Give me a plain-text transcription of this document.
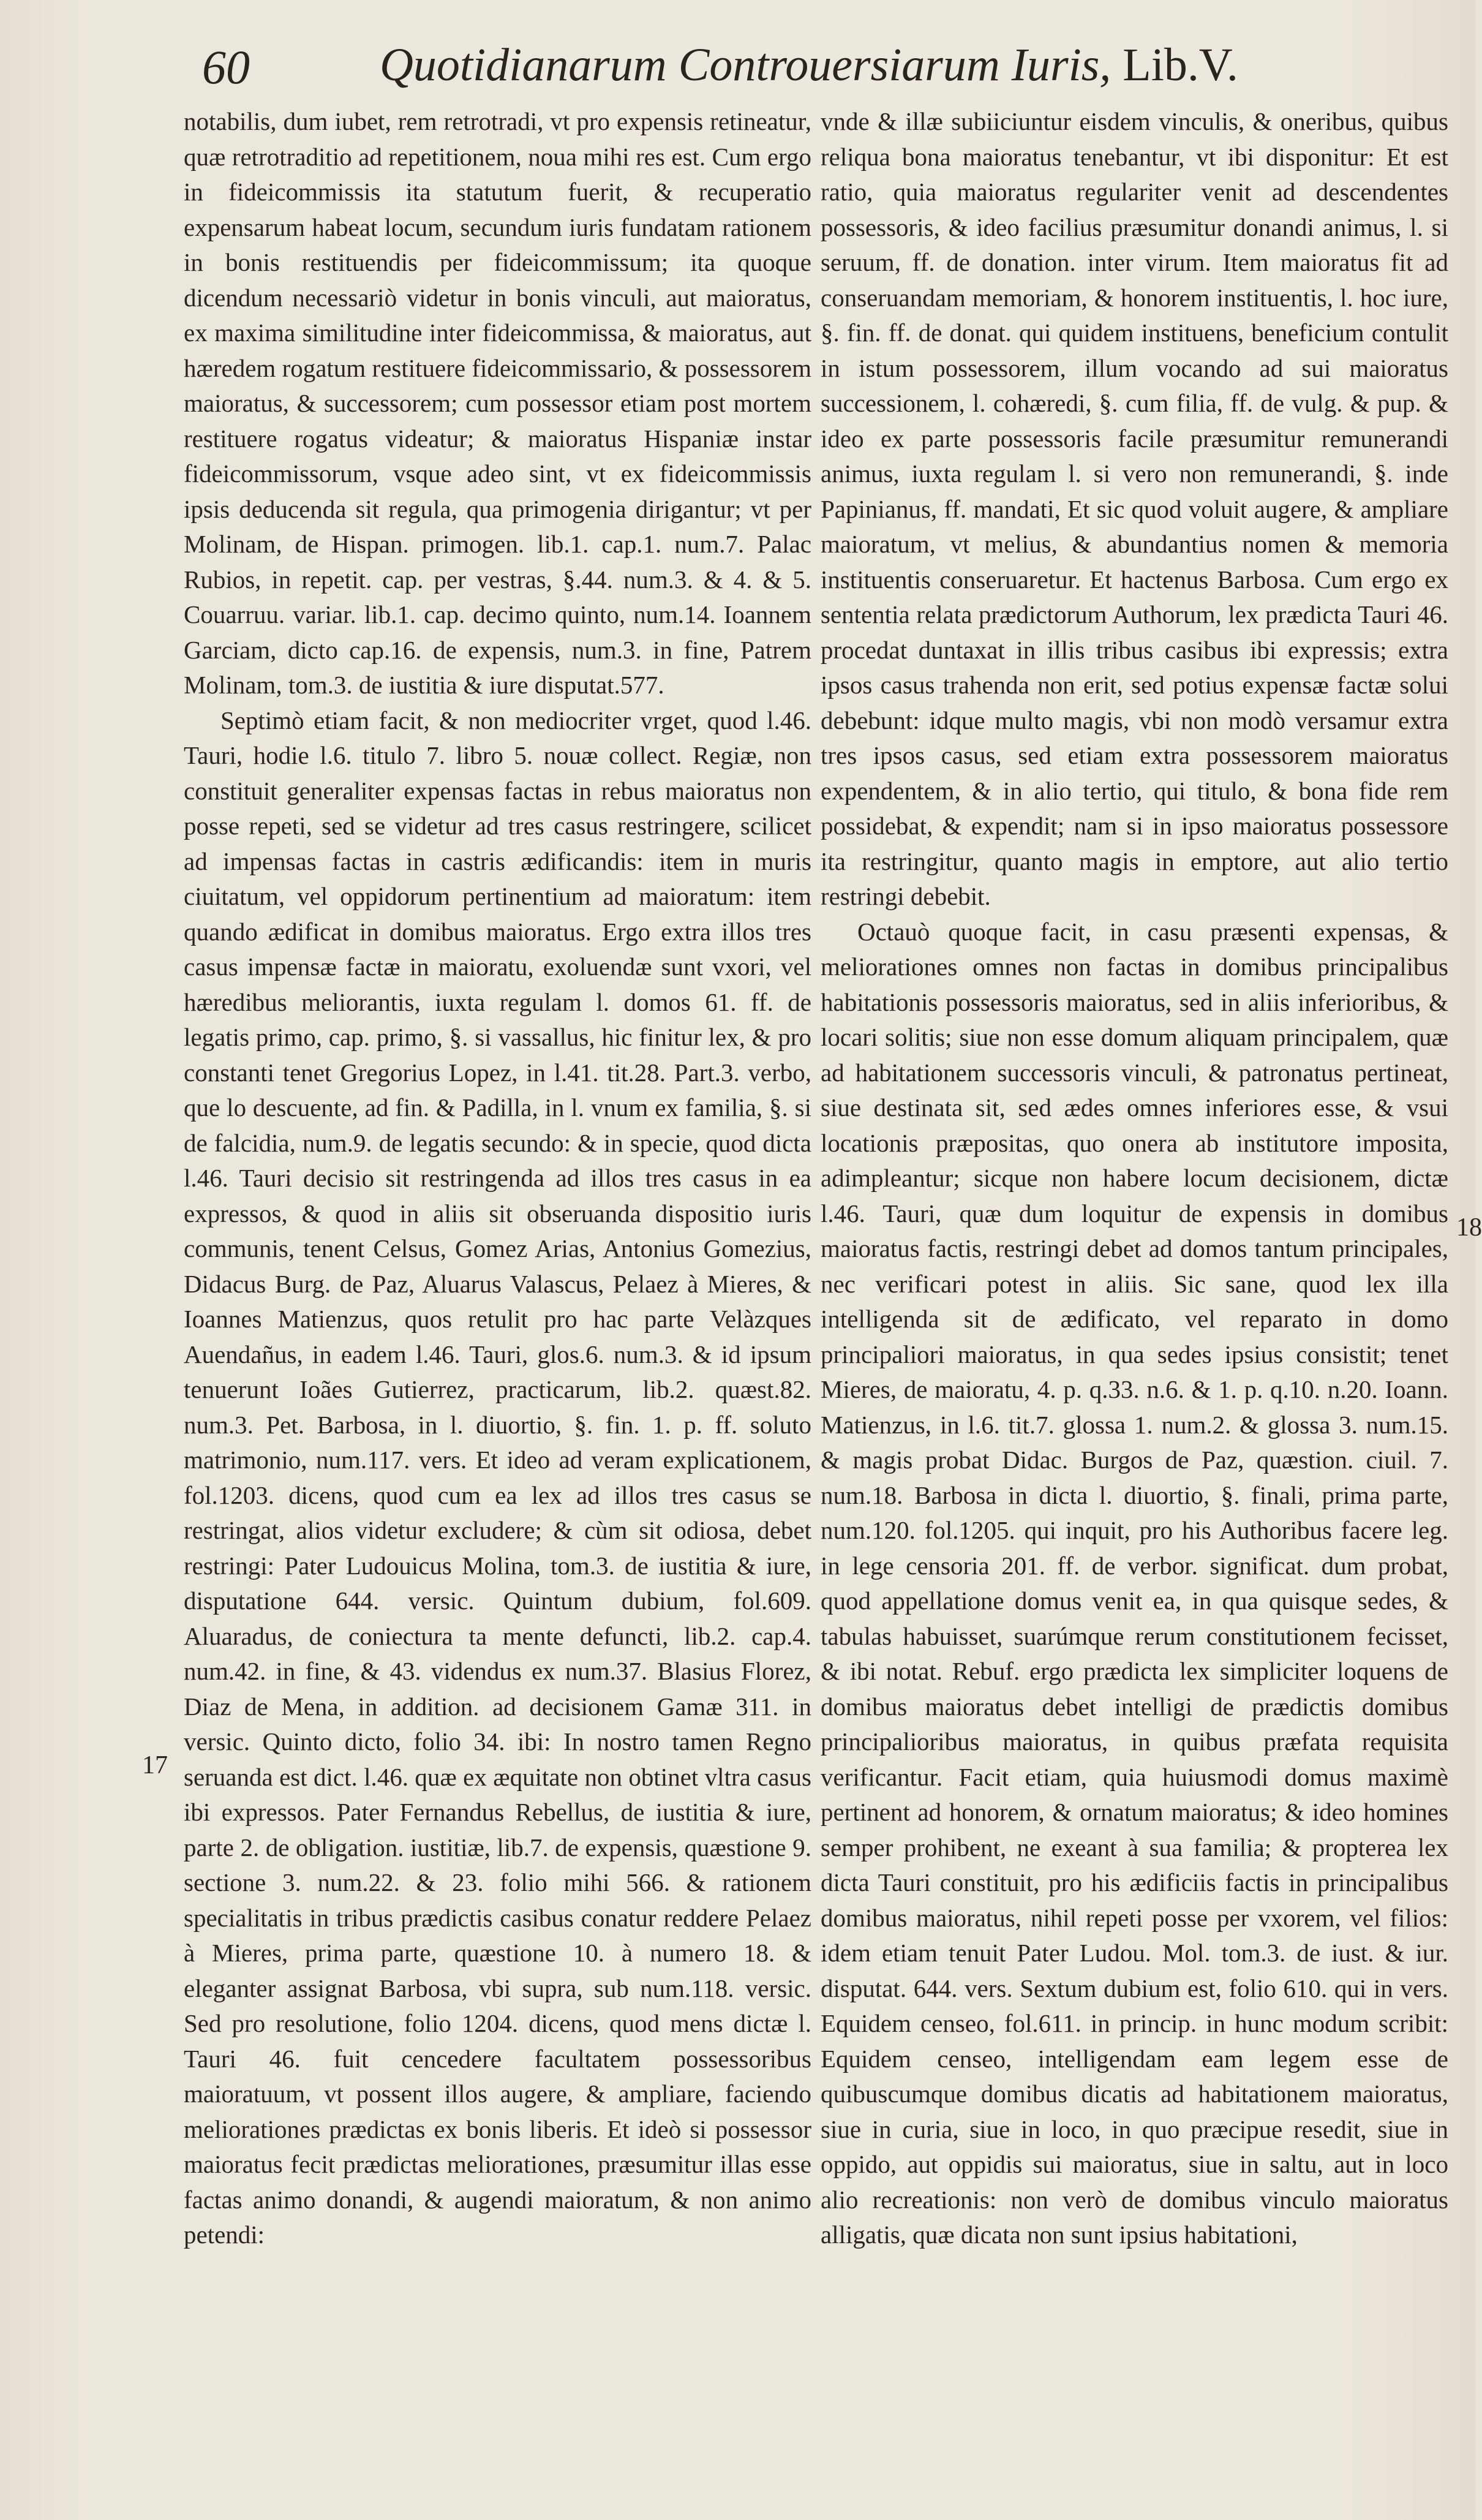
60	Quotidianarum Controuersiarum Iuris, Lib.V.

notabilis, dum iubet, rem retrotradi, vt pro expensis retineatur, quæ retrotraditio ad repetitionem, noua mihi res est. Cum ergo in fideicommissis ita statutum fuerit, & recuperatio expensarum habeat locum, secundum iuris fundatam rationem in bonis restituendis per fideicommissum; ita quoque dicendum necessariò videtur in bonis vinculi, aut maioratus, ex maxima similitudine inter fideicommissa, & maioratus, aut hæredem rogatum restituere fideicommissario, & possessorem maioratus, & successorem; cum possessor etiam post mortem restituere rogatus videatur; & maioratus Hispaniæ instar fideicommissorum, vsque adeo sint, vt ex fideicommissis ipsis deducenda sit regula, qua primogenia dirigantur; vt per Molinam, de Hispan. primogen. lib.1. cap.1. num.7. Palac Rubios, in repetit. cap. per vestras, §.44. num.3. & 4. & 5. Couarruu. variar. lib.1. cap. decimo quinto, num.14. Ioannem Garciam, dicto cap.16. de expensis, num.3. in fine, Patrem Molinam, tom.3. de iustitia & iure disputat.577.

Septimò etiam facit, & non mediocriter vrget, quod l.46. Tauri, hodie l.6. titulo 7. libro 5. nouæ collect. Regiæ, non constituit generaliter expensas factas in rebus maioratus non posse repeti, sed se videtur ad tres casus restringere, scilicet ad impensas factas in castris ædificandis: item in muris ciuitatum, vel oppidorum pertinentium ad maioratum: item quando ædificat in domibus maioratus. Ergo extra illos tres casus impensæ factæ in maioratu, exoluendæ sunt vxori, vel hæredibus meliorantis, iuxta regulam l. domos 61. ff. de legatis primo, cap. primo, §. si vassallus, hic finitur lex, & pro constanti tenet Gregorius Lopez, in l.41. tit.28. Part.3. verbo, que lo descuente, ad fin. & Padilla, in l. vnum ex familia, §. si de falcidia, num.9. de legatis secundo: & in specie, quod dicta l.46. Tauri decisio sit restringenda ad illos tres casus in ea expressos, & quod in aliis sit obseruanda dispositio iuris communis, tenent Celsus, Gomez Arias, Antonius Gomezius, Didacus Burg. de Paz, Aluarus Valascus, Pelaez à Mieres, & Ioannes Matienzus, quos retulit pro hac parte Velàzques Auendañus, in eadem l.46. Tauri, glos.6. num.3. & id ipsum tenuerunt Ioães Gutierrez, practicarum, lib.2. quæst.82. num.3. Pet. Barbosa, in l. diuortio, §. fin. 1. p. ff. soluto matrimonio, num.117. vers. Et ideo ad veram explicationem, fol.1203. dicens, quod cum ea lex ad illos tres casus se restringat, alios videtur excludere; & cùm sit odiosa, debet restringi: Pater Ludouicus Molina, tom.3. de iustitia & iure, disputatione 644. versic. Quintum dubium, fol.609. Aluaradus, de coniectura ta mente defuncti, lib.2. cap.4. num.42. in fine, & 43. videndus ex num.37. Blasius Florez, Diaz de Mena, in addition. ad decisionem Gamæ 311. in versic. Quinto dicto, folio 34. ibi: In nostro tamen Regno seruanda est dict. l.46. quæ ex æquitate non obtinet vltra casus ibi expressos. Pater Fernandus Rebellus, de iustitia & iure, parte 2. de obligation. iustitiæ, lib.7. de expensis, quæstione 9. sectione 3. num.22. & 23. folio mihi 566. & rationem specialitatis in tribus prædictis casibus conatur reddere Pelaez à Mieres, prima parte, quæstione 10. à numero 18. & eleganter assignat Barbosa, vbi supra, sub num.118. versic. Sed pro resolutione, folio 1204. dicens, quod mens dictæ l. Tauri 46. fuit cencedere facultatem possessoribus maioratuum, vt possent illos augere, & ampliare, faciendo meliorationes prædictas ex bonis liberis. Et ideò si possessor maioratus fecit prædictas meliorationes, præsumitur illas esse factas animo donandi, & augendi maioratum, & non animo petendi:

vnde & illæ subiiciuntur eisdem vinculis, & oneribus, quibus reliqua bona maioratus tenebantur, vt ibi disponitur: Et est ratio, quia maioratus regulariter venit ad descendentes possessoris, & ideo facilius præsumitur donandi animus, l. si seruum, ff. de donation. inter virum. Item maioratus fit ad conseruandam memoriam, & honorem instituentis, l. hoc iure, §. fin. ff. de donat. qui quidem instituens, beneficium contulit in istum possessorem, illum vocando ad sui maioratus successionem, l. cohæredi, §. cum filia, ff. de vulg. & pup. & ideo ex parte possessoris facile præsumitur remunerandi animus, iuxta regulam l. si vero non remunerandi, §. inde Papinianus, ff. mandati, Et sic quod voluit augere, & ampliare maioratum, vt melius, & abundantius nomen & memoria instituentis conseruaretur. Et hactenus Barbosa. Cum ergo ex sententia relata prædictorum Authorum, lex prædicta Tauri 46. procedat duntaxat in illis tribus casibus ibi expressis; extra ipsos casus trahenda non erit, sed potius expensæ factæ solui debebunt: idque multo magis, vbi non modò versamur extra tres ipsos casus, sed etiam extra possessorem maioratus expendentem, & in alio tertio, qui titulo, & bona fide rem possidebat, & expendit; nam si in ipso maioratus possessore ita restringitur, quanto magis in emptore, aut alio tertio restringi debebit.

Octauò quoque facit, in casu præsenti expensas, & meliorationes omnes non factas in domibus principalibus habitationis possessoris maioratus, sed in aliis inferioribus, & locari solitis; siue non esse domum aliquam principalem, quæ ad habitationem successoris vinculi, & patronatus pertineat, siue destinata sit, sed ædes omnes inferiores esse, & vsui locationis præpositas, quo onera ab institutore imposita, adimpleantur; sicque non habere locum decisionem, dictæ l.46. Tauri, quæ dum loquitur de expensis in domibus maioratus factis, restringi debet ad domos tantum principales, nec verificari potest in aliis. Sic sane, quod lex illa intelligenda sit de ædificato, vel reparato in domo principaliori maioratus, in qua sedes ipsius consistit; tenet Mieres, de maioratu, 4. p. q.33. n.6. & 1. p. q.10. n.20. Ioann. Matienzus, in l.6. tit.7. glossa 1. num.2. & glossa 3. num.15. & magis probat Didac. Burgos de Paz, quæstion. ciuil. 7. num.18. Barbosa in dicta l. diuortio, §. finali, prima parte, num.120. fol.1205. qui inquit, pro his Authoribus facere leg. in lege censoria 201. ff. de verbor. significat. dum probat, quod appellatione domus venit ea, in qua quisque sedes, & tabulas habuisset, suarúmque rerum constitutionem fecisset, & ibi notat. Rebuf. ergo prædicta lex simpliciter loquens de domibus maioratus debet intelligi de prædictis domibus principalioribus maioratus, in quibus præfata requisita verificantur. Facit etiam, quia huiusmodi domus maximè pertinent ad honorem, & ornatum maioratus; & ideo homines semper prohibent, ne exeant à sua familia; & propterea lex dicta Tauri constituit, pro his ædificiis factis in principalibus domibus maioratus, nihil repeti posse per vxorem, vel filios: idem etiam tenuit Pater Ludou. Mol. tom.3. de iust. & iur. disputat. 644. vers. Sextum dubium est, folio 610. qui in vers. Equidem censeo, fol.611. in princip. in hunc modum scribit: Equidem censeo, intelligendam eam legem esse de quibuscumque domibus dicatis ad habitationem maioratus, siue in curia, siue in loco, in quo præcipue resedit, siue in oppido, aut oppidis sui maioratus, siue in saltu, aut in loco alio recreationis: non verò de domibus vinculo maioratus alligatis, quæ dicata non sunt ipsius habitationi,

17
18
